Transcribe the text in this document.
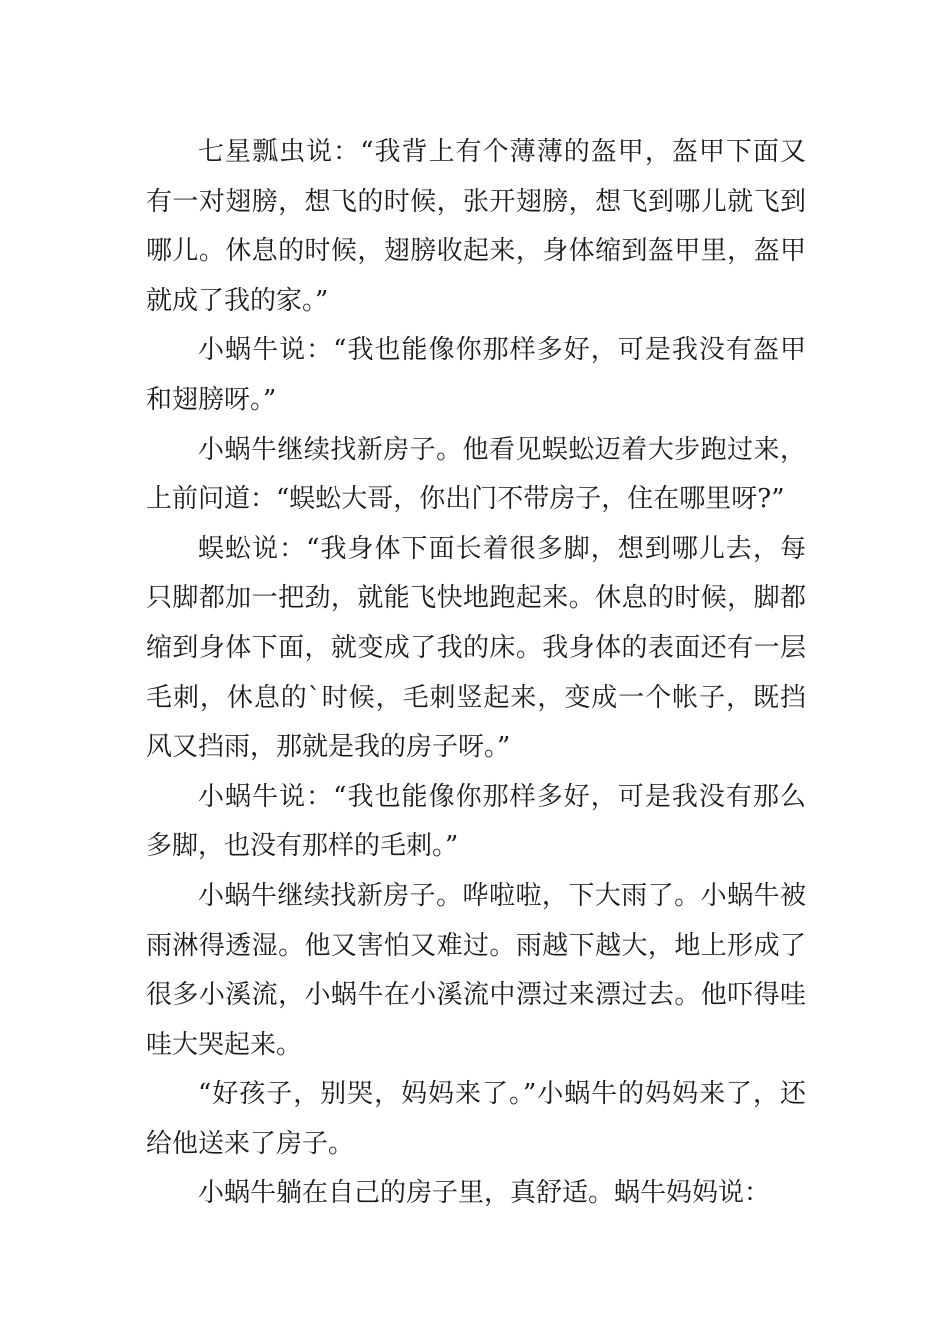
七星瓢虫说：“我背上有个薄薄的盔甲，盔甲下面又有一对翅膀，想飞的时候，张开翅膀，想飞到哪儿就飞到哪儿。休息的时候，翅膀收起来，身体缩到盔甲里，盔甲就成了我的家。”

小蜗牛说：“我也能像你那样多好，可是我没有盔甲和翅膀呀。”

小蜗牛继续找新房子。他看见蜈蚣迈着大步跑过来，上前问道：“蜈蚣大哥，你出门不带房子，住在哪里呀?”

蜈蚣说：“我身体下面长着很多脚，想到哪儿去，每只脚都加一把劲，就能飞快地跑起来。休息的时候，脚都缩到身体下面，就变成了我的床。我身体的表面还有一层毛刺，休息的`时候，毛刺竖起来，变成一个帐子，既挡风又挡雨，那就是我的房子呀。”

小蜗牛说：“我也能像你那样多好，可是我没有那么多脚，也没有那样的毛刺。”

小蜗牛继续找新房子。哗啦啦，下大雨了。小蜗牛被雨淋得透湿。他又害怕又难过。雨越下越大，地上形成了很多小溪流，小蜗牛在小溪流中漂过来漂过去。他吓得哇哇大哭起来。

“好孩子，别哭，妈妈来了。”小蜗牛的妈妈来了，还给他送来了房子。

小蜗牛躺在自己的房子里，真舒适。蜗牛妈妈说：
